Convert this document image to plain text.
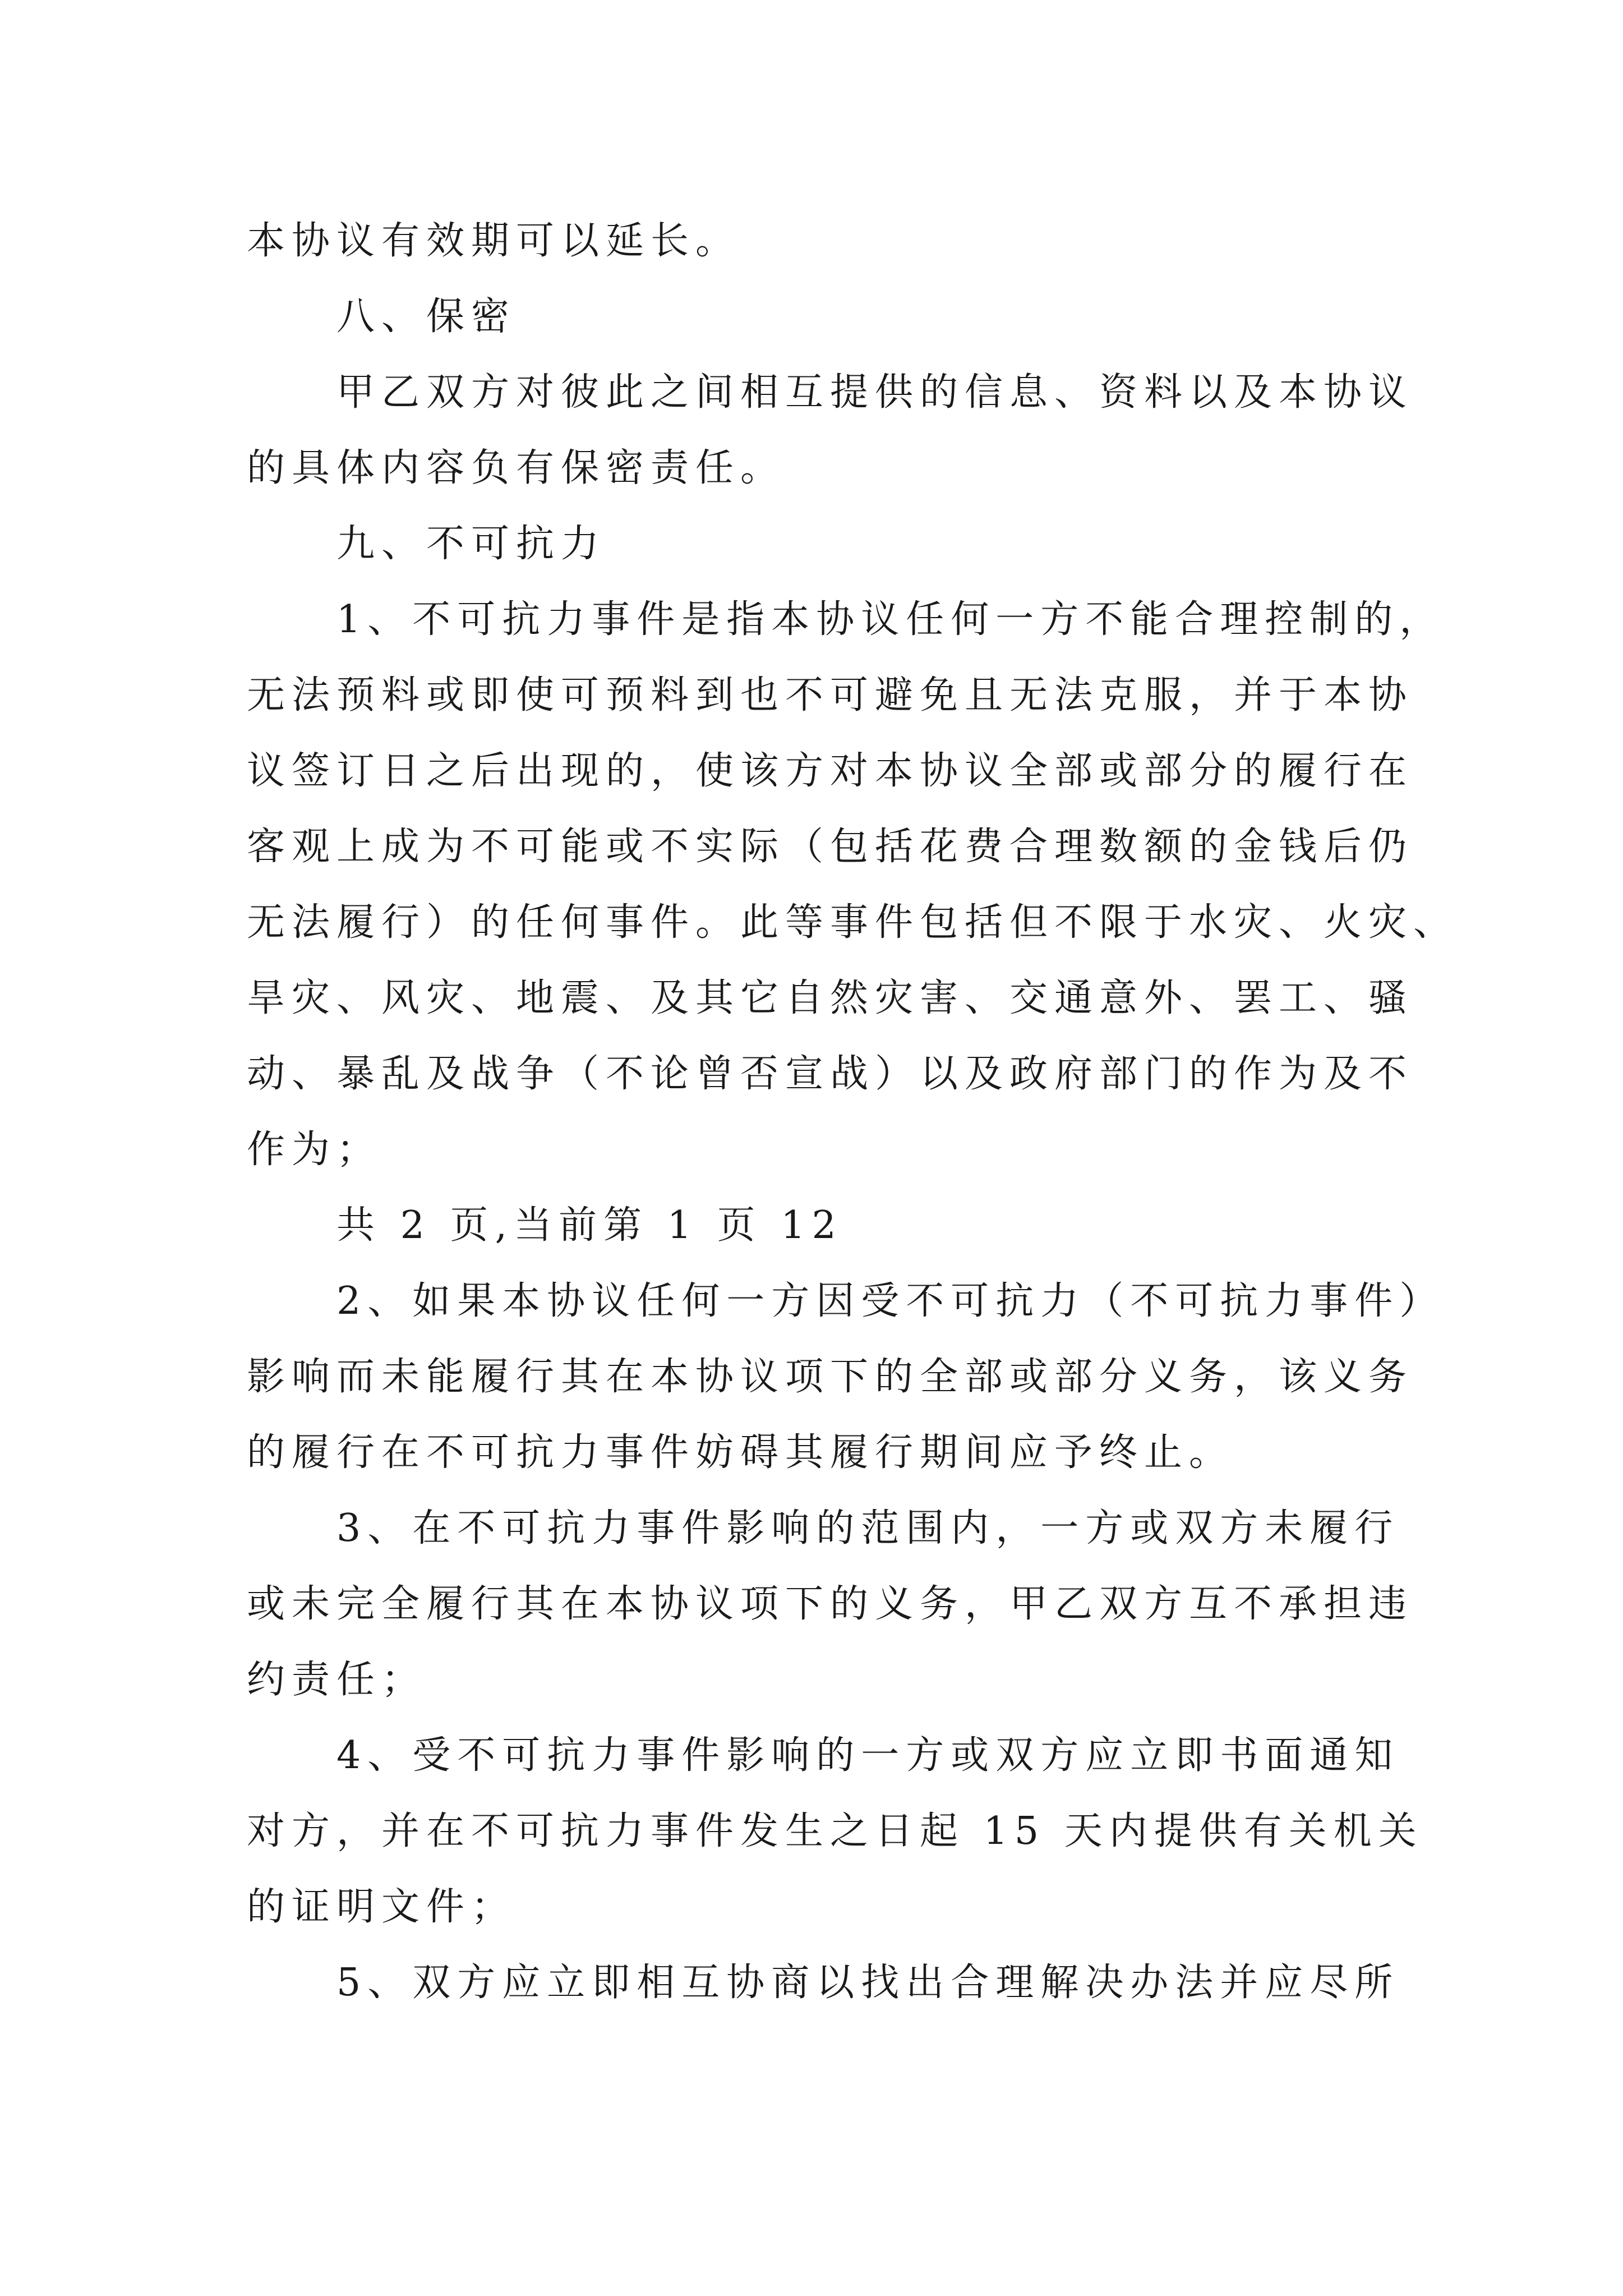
本协议有效期可以延长。
八、保密
甲乙双方对彼此之间相互提供的信息、资料以及本协议
的具体内容负有保密责任。
九、不可抗力
1、不可抗力事件是指本协议任何一方不能合理控制的，
无法预料或即使可预料到也不可避免且无法克服，并于本协
议签订日之后出现的，使该方对本协议全部或部分的履行在
客观上成为不可能或不实际（包括花费合理数额的金钱后仍
无法履行）的任何事件。此等事件包括但不限于水灾、火灾、
旱灾、风灾、地震、及其它自然灾害、交通意外、罢工、骚
动、暴乱及战争（不论曾否宣战）以及政府部门的作为及不
作为；
共 2 页,当前第 1 页 12
2、如果本协议任何一方因受不可抗力（不可抗力事件）
影响而未能履行其在本协议项下的全部或部分义务，该义务
的履行在不可抗力事件妨碍其履行期间应予终止。
3、在不可抗力事件影响的范围内，一方或双方未履行
或未完全履行其在本协议项下的义务，甲乙双方互不承担违
约责任；
4、受不可抗力事件影响的一方或双方应立即书面通知
对方，并在不可抗力事件发生之日起 15 天内提供有关机关
的证明文件；
5、双方应立即相互协商以找出合理解决办法并应尽所
